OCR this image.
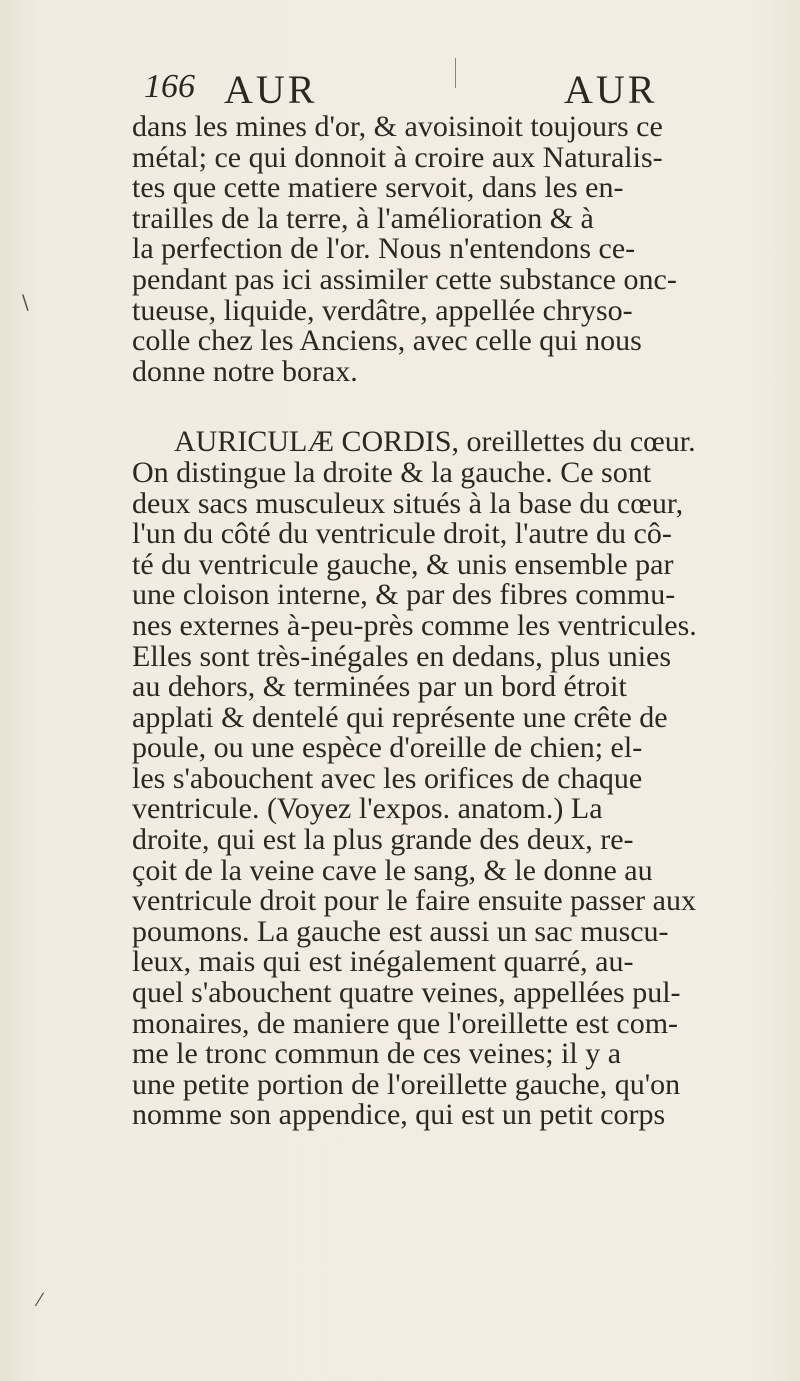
166 AUR	AUR
\
⁄
dans les mines d'or, & avoisinoit toujours ce
métal; ce qui donnoit à croire aux Naturalis-
tes que cette matiere servoit, dans les en-
trailles de la terre, à l'amélioration & à
la perfection de l'or. Nous n'entendons ce-
pendant pas ici assimiler cette substance onc-
tueuse, liquide, verdâtre, appellée chryso-
colle chez les Anciens, avec celle qui nous
donne notre borax.
AURICULÆ CORDIS, oreillettes du cœur.
On distingue la droite & la gauche. Ce sont
deux sacs musculeux situés à la base du cœur,
l'un du côté du ventricule droit, l'autre du cô-
té du ventricule gauche, & unis ensemble par
une cloison interne, & par des fibres commu-
nes externes à-peu-près comme les ventricules.
Elles sont très-inégales en dedans, plus unies
au dehors, & terminées par un bord étroit
applati & dentelé qui représente une crête de
poule, ou une espèce d'oreille de chien; el-
les s'abouchent avec les orifices de chaque
ventricule. (Voyez l'expos. anatom.) La
droite, qui est la plus grande des deux, re-
çoit de la veine cave le sang, & le donne au
ventricule droit pour le faire ensuite passer aux
poumons. La gauche est aussi un sac muscu-
leux, mais qui est inégalement quarré, au-
quel s'abouchent quatre veines, appellées pul-
monaires, de maniere que l'oreillette est com-
me le tronc commun de ces veines; il y a
une petite portion de l'oreillette gauche, qu'on
nomme son appendice, qui est un petit corps
